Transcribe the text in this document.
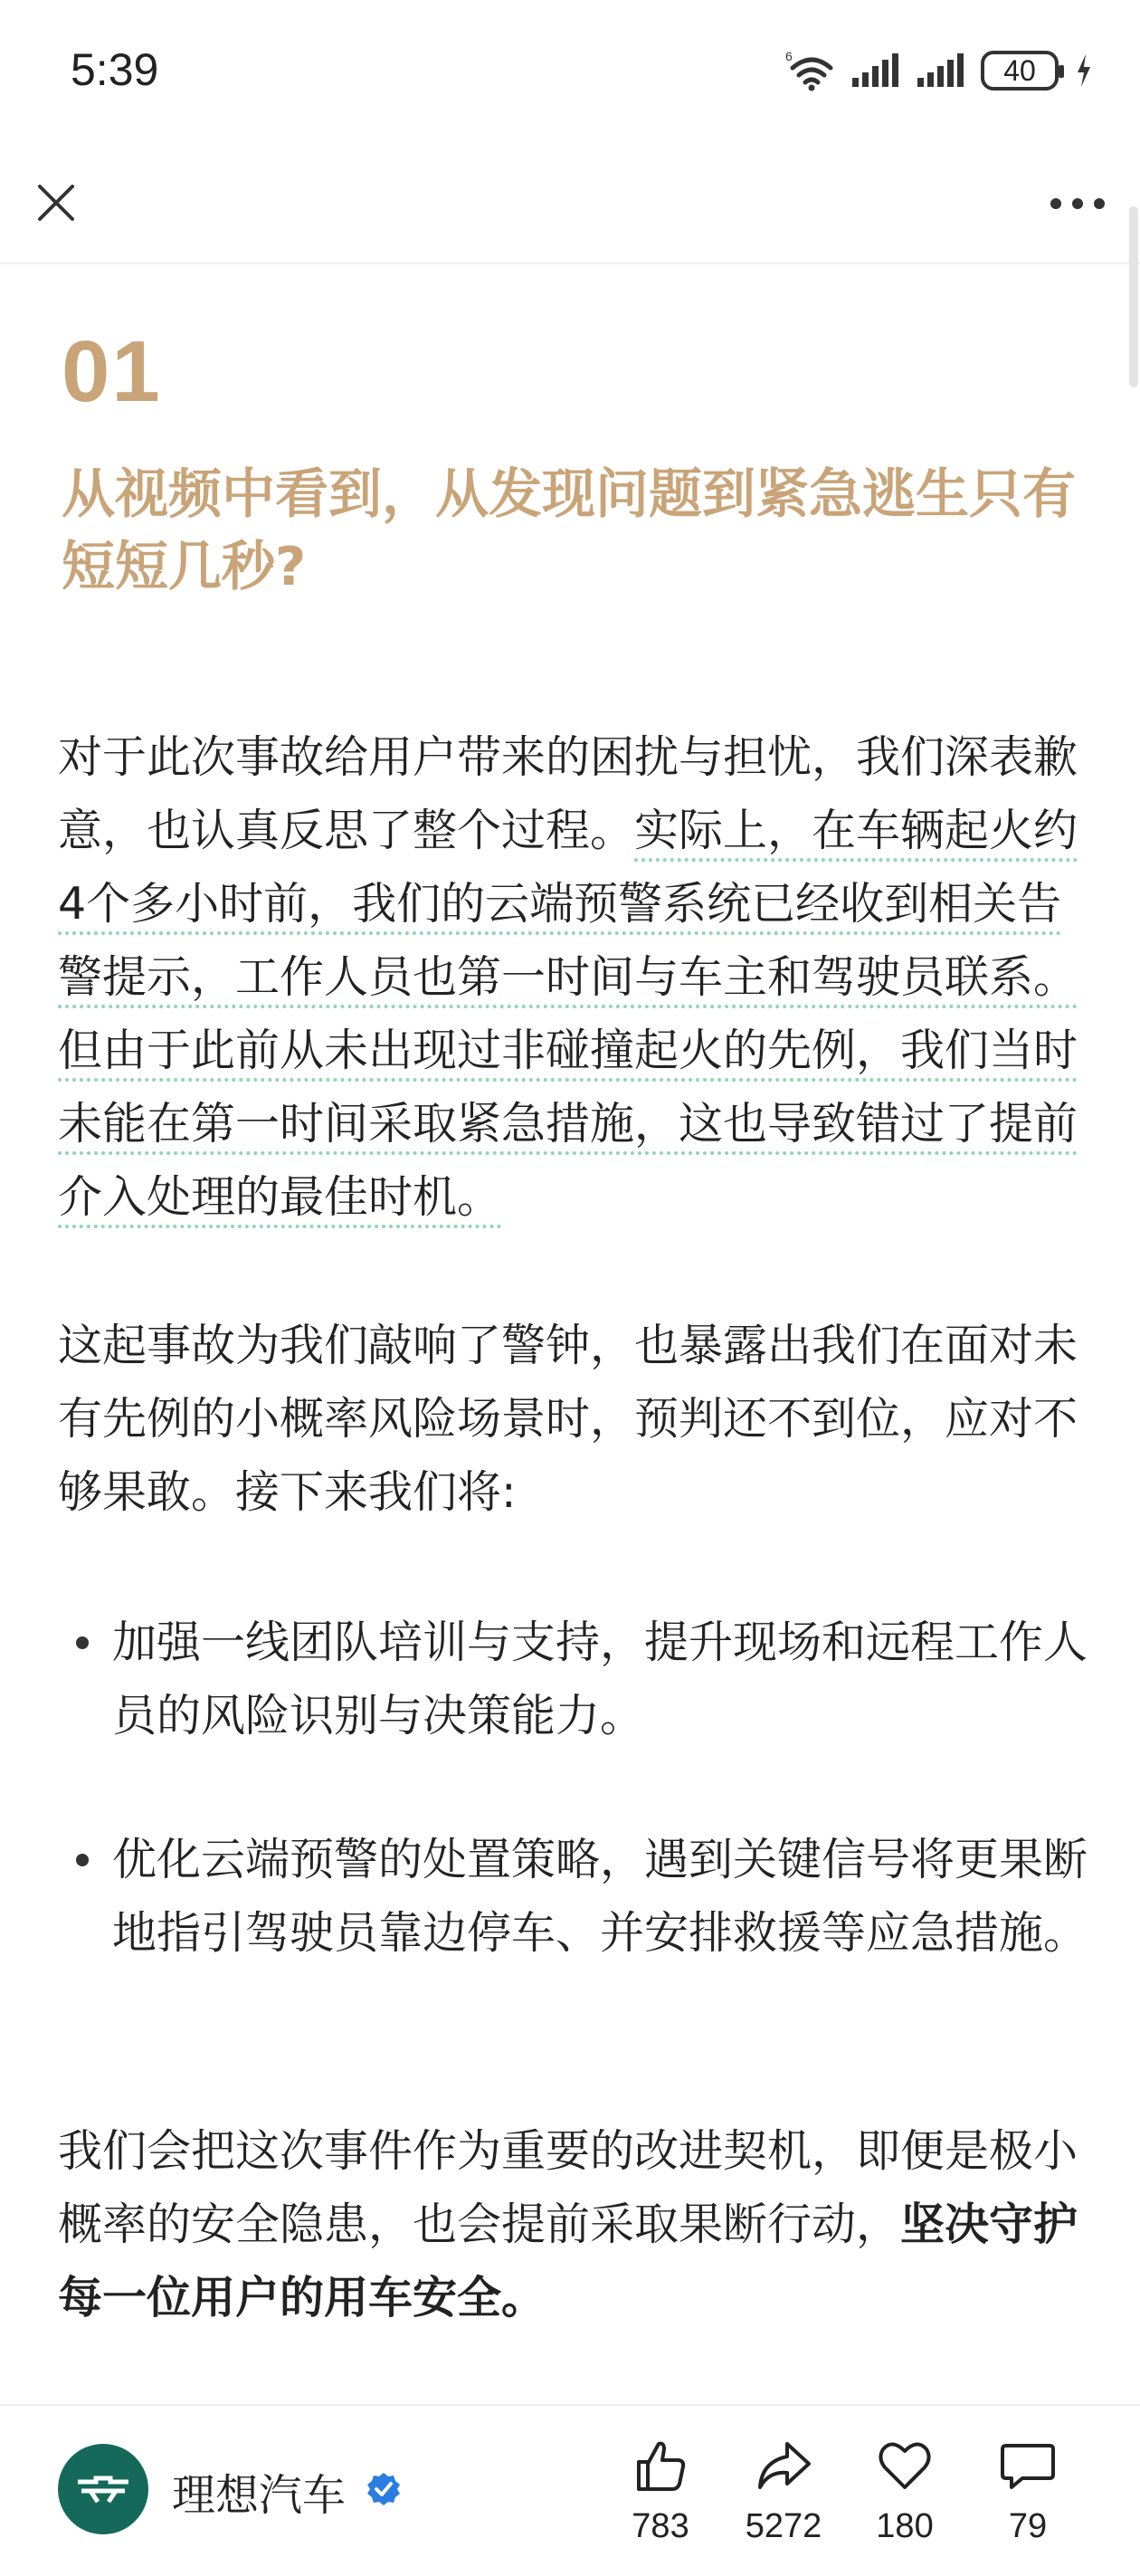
5:39	6	40
01
从视频中看到，从发现问题到紧急逃生只有短短几秒?
对于此次事故给用户带来的困扰与担忧，我们深表歉意，也认真反思了整个过程。实际上，在车辆起火约4个多小时前，我们的云端预警系统已经收到相关告警提示，工作人员也第一时间与车主和驾驶员联系。但由于此前从未出现过非碰撞起火的先例，我们当时未能在第一时间采取紧急措施，这也导致错过了提前介入处理的最佳时机。
这起事故为我们敲响了警钟，也暴露出我们在面对未有先例的小概率风险场景时，预判还不到位，应对不够果敢。接下来我们将:
加强一线团队培训与支持，提升现场和远程工作人员的风险识别与决策能力。
优化云端预警的处置策略，遇到关键信号将更果断地指引驾驶员靠边停车、并安排救援等应急措施。
我们会把这次事件作为重要的改进契机，即便是极小概率的安全隐患，也会提前采取果断行动，坚决守护每一位用户的用车安全。
理想汽车
783 5272 180 79
